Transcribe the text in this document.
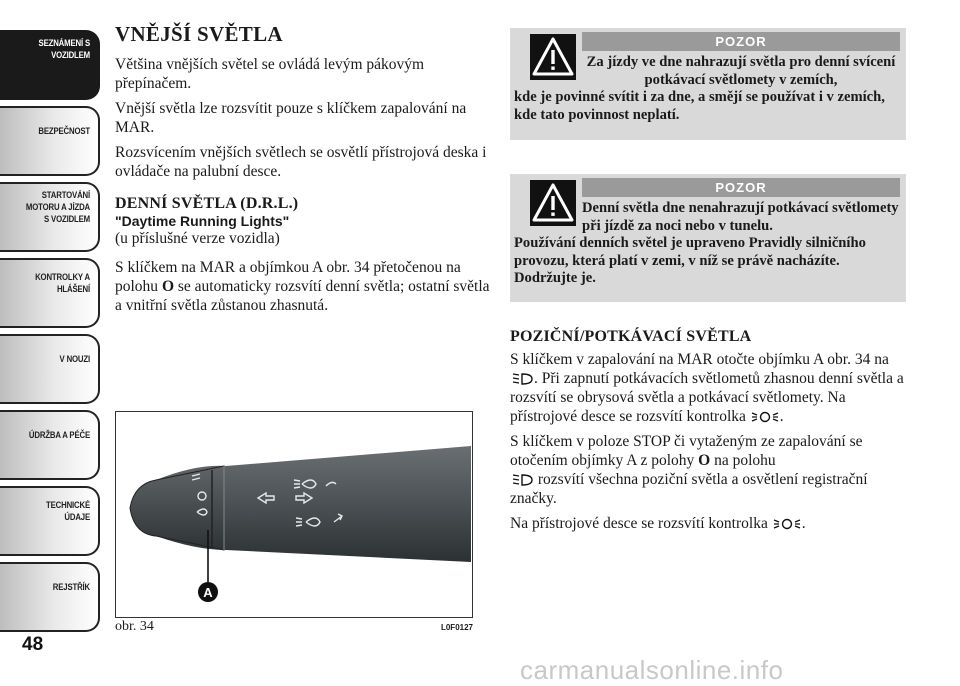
SEZNÁMENÍ S
VOZIDLEM
BEZPEČNOST
STARTOVÁNÍ
MOTORU A JÍZDA
S VOZIDLEM
KONTROLKY A
HLÁŠENÍ
V NOUZI
ÚDRŽBA A PÉČE
TECHNICKÉ
ÚDAJE
REJSTŘÍK
48
VNĚJŠÍ SVĚTLA

Většina vnějších světel se ovládá levým pákovým přepínačem.

Vnější světla lze rozsvítit pouze s klíčkem zapalování na MAR.

Rozsvícením vnějších světlech se osvětlí přístrojová deska i ovládače na palubní desce.

DENNÍ SVĚTLA (D.R.L.)
"Daytime Running Lights"
(u příslušné verze vozidla)

S klíčkem na MAR a objímkou A obr. 34 přetočenou na polohu O se automaticky rozsvítí denní světla; ostatní světla a vnitřní světla zůstanou zhasnutá.

A
obr. 34	L0F0127
POZOR
Za jízdy ve dne nahrazují světla pro denní svícení potkávací světlomety v zemích,
kde je povinné svítit i za dne, a smějí se používat i v zemích, kde tato povinnost neplatí.
POZOR
Denní světla dne nenahrazují potkávací světlomety při jízdě za noci nebo v tunelu.
Používání denních světel je upraveno Pravidly silničního provozu, která platí v zemi, v níž se právě nacházíte. Dodržujte je.
POZIČNÍ/POTKÁVACÍ SVĚTLA

S klíčkem v zapalování na MAR otočte objímku A obr. 34 na . Při zapnutí potkávacích světlometů zhasnou denní světla a rozsvítí se obrysová světla a potkávací světlomety. Na přístrojové desce se rozsvítí kontrolka .

S klíčkem v poloze STOP či vytaženým ze zapalování se otočením objímky A z polohy O na polohu
rozsvítí všechna poziční světla a osvětlení registrační značky.

Na přístrojové desce se rozsvítí kontrolka .

carmanualsonline.info
